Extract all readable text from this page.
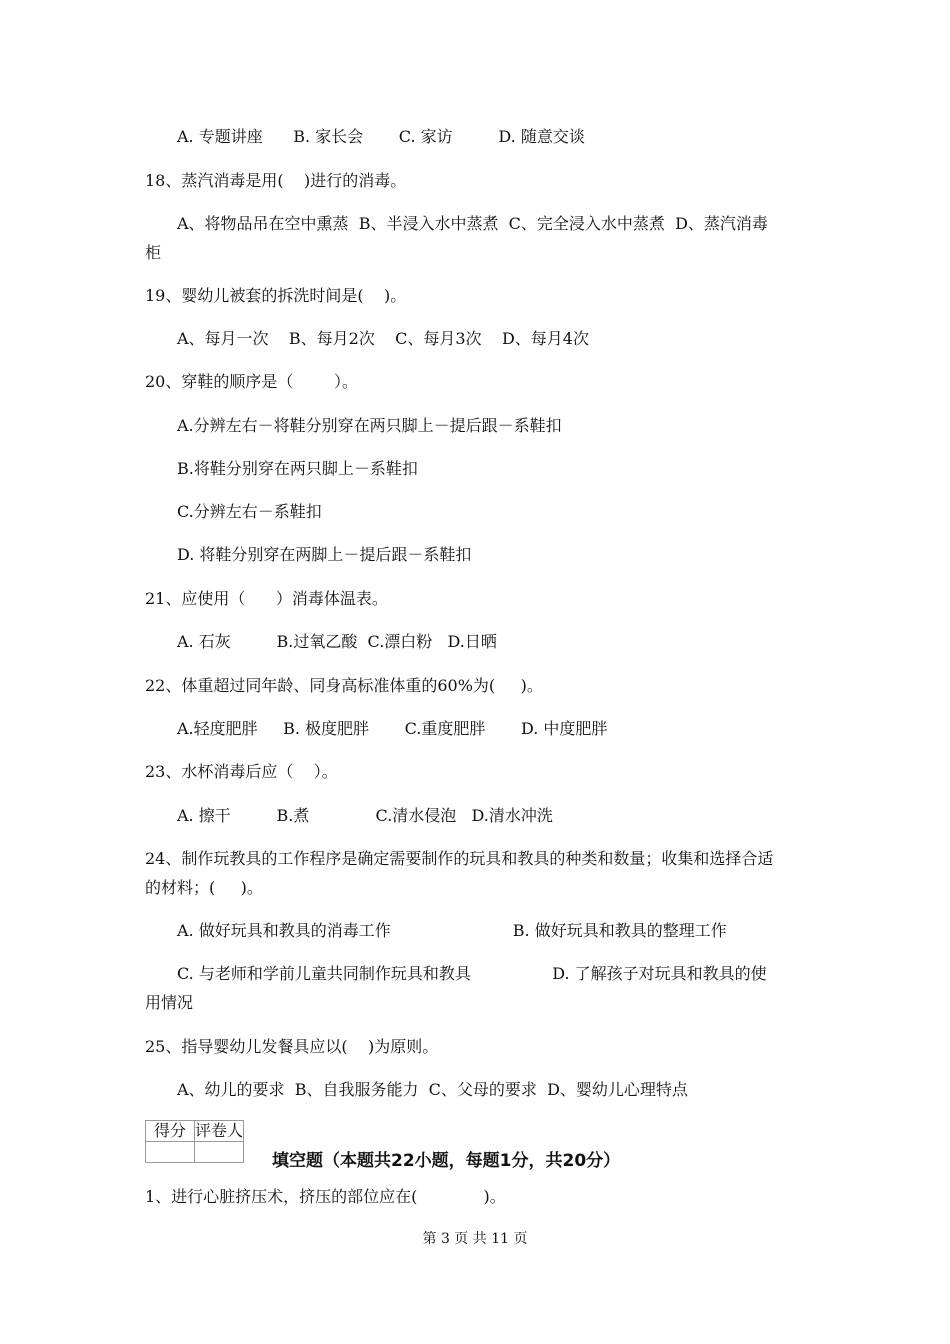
A. 专题讲座      B. 家长会       C. 家访         D. 随意交谈
18、蒸汽消毒是用(    )进行的消毒。
A、将物品吊在空中熏蒸  B、半浸入水中蒸煮  C、完全浸入水中蒸煮  D、蒸汽消毒
柜
19、婴幼儿被套的拆洗时间是(    )。
A、每月一次    B、每月2次    C、每月3次    D、每月4次
20、穿鞋的顺序是（        ）。
A.分辨左右－将鞋分别穿在两只脚上－提后跟－系鞋扣
B.将鞋分别穿在两只脚上－系鞋扣
C.分辨左右－系鞋扣
D. 将鞋分别穿在两脚上－提后跟－系鞋扣
21、应使用（      ）消毒体温表。
A. 石灰         B.过氧乙酸  C.漂白粉   D.日晒
22、体重超过同年龄、同身高标准体重的60%为(     )。
A.轻度肥胖     B. 极度肥胖       C.重度肥胖       D. 中度肥胖
23、水杯消毒后应（    ）。
A. 擦干         B.煮             C.清水侵泡   D.清水冲洗
24、制作玩教具的工作程序是确定需要制作的玩具和教具的种类和数量；收集和选择合适
的材料；(     )。
A. 做好玩具和教具的消毒工作                        B. 做好玩具和教具的整理工作
C. 与老师和学前儿童共同制作玩具和教具                D. 了解孩子对玩具和教具的使
用情况
25、指导婴幼儿发餐具应以(    )为原则。
A、幼儿的要求  B、自我服务能力  C、父母的要求  D、婴幼儿心理特点
得分	评卷人

填空题（本题共22小题，每题1分，共20分）
1、进行心脏挤压术，挤压的部位应在(             )。
第 3 页 共 11 页
